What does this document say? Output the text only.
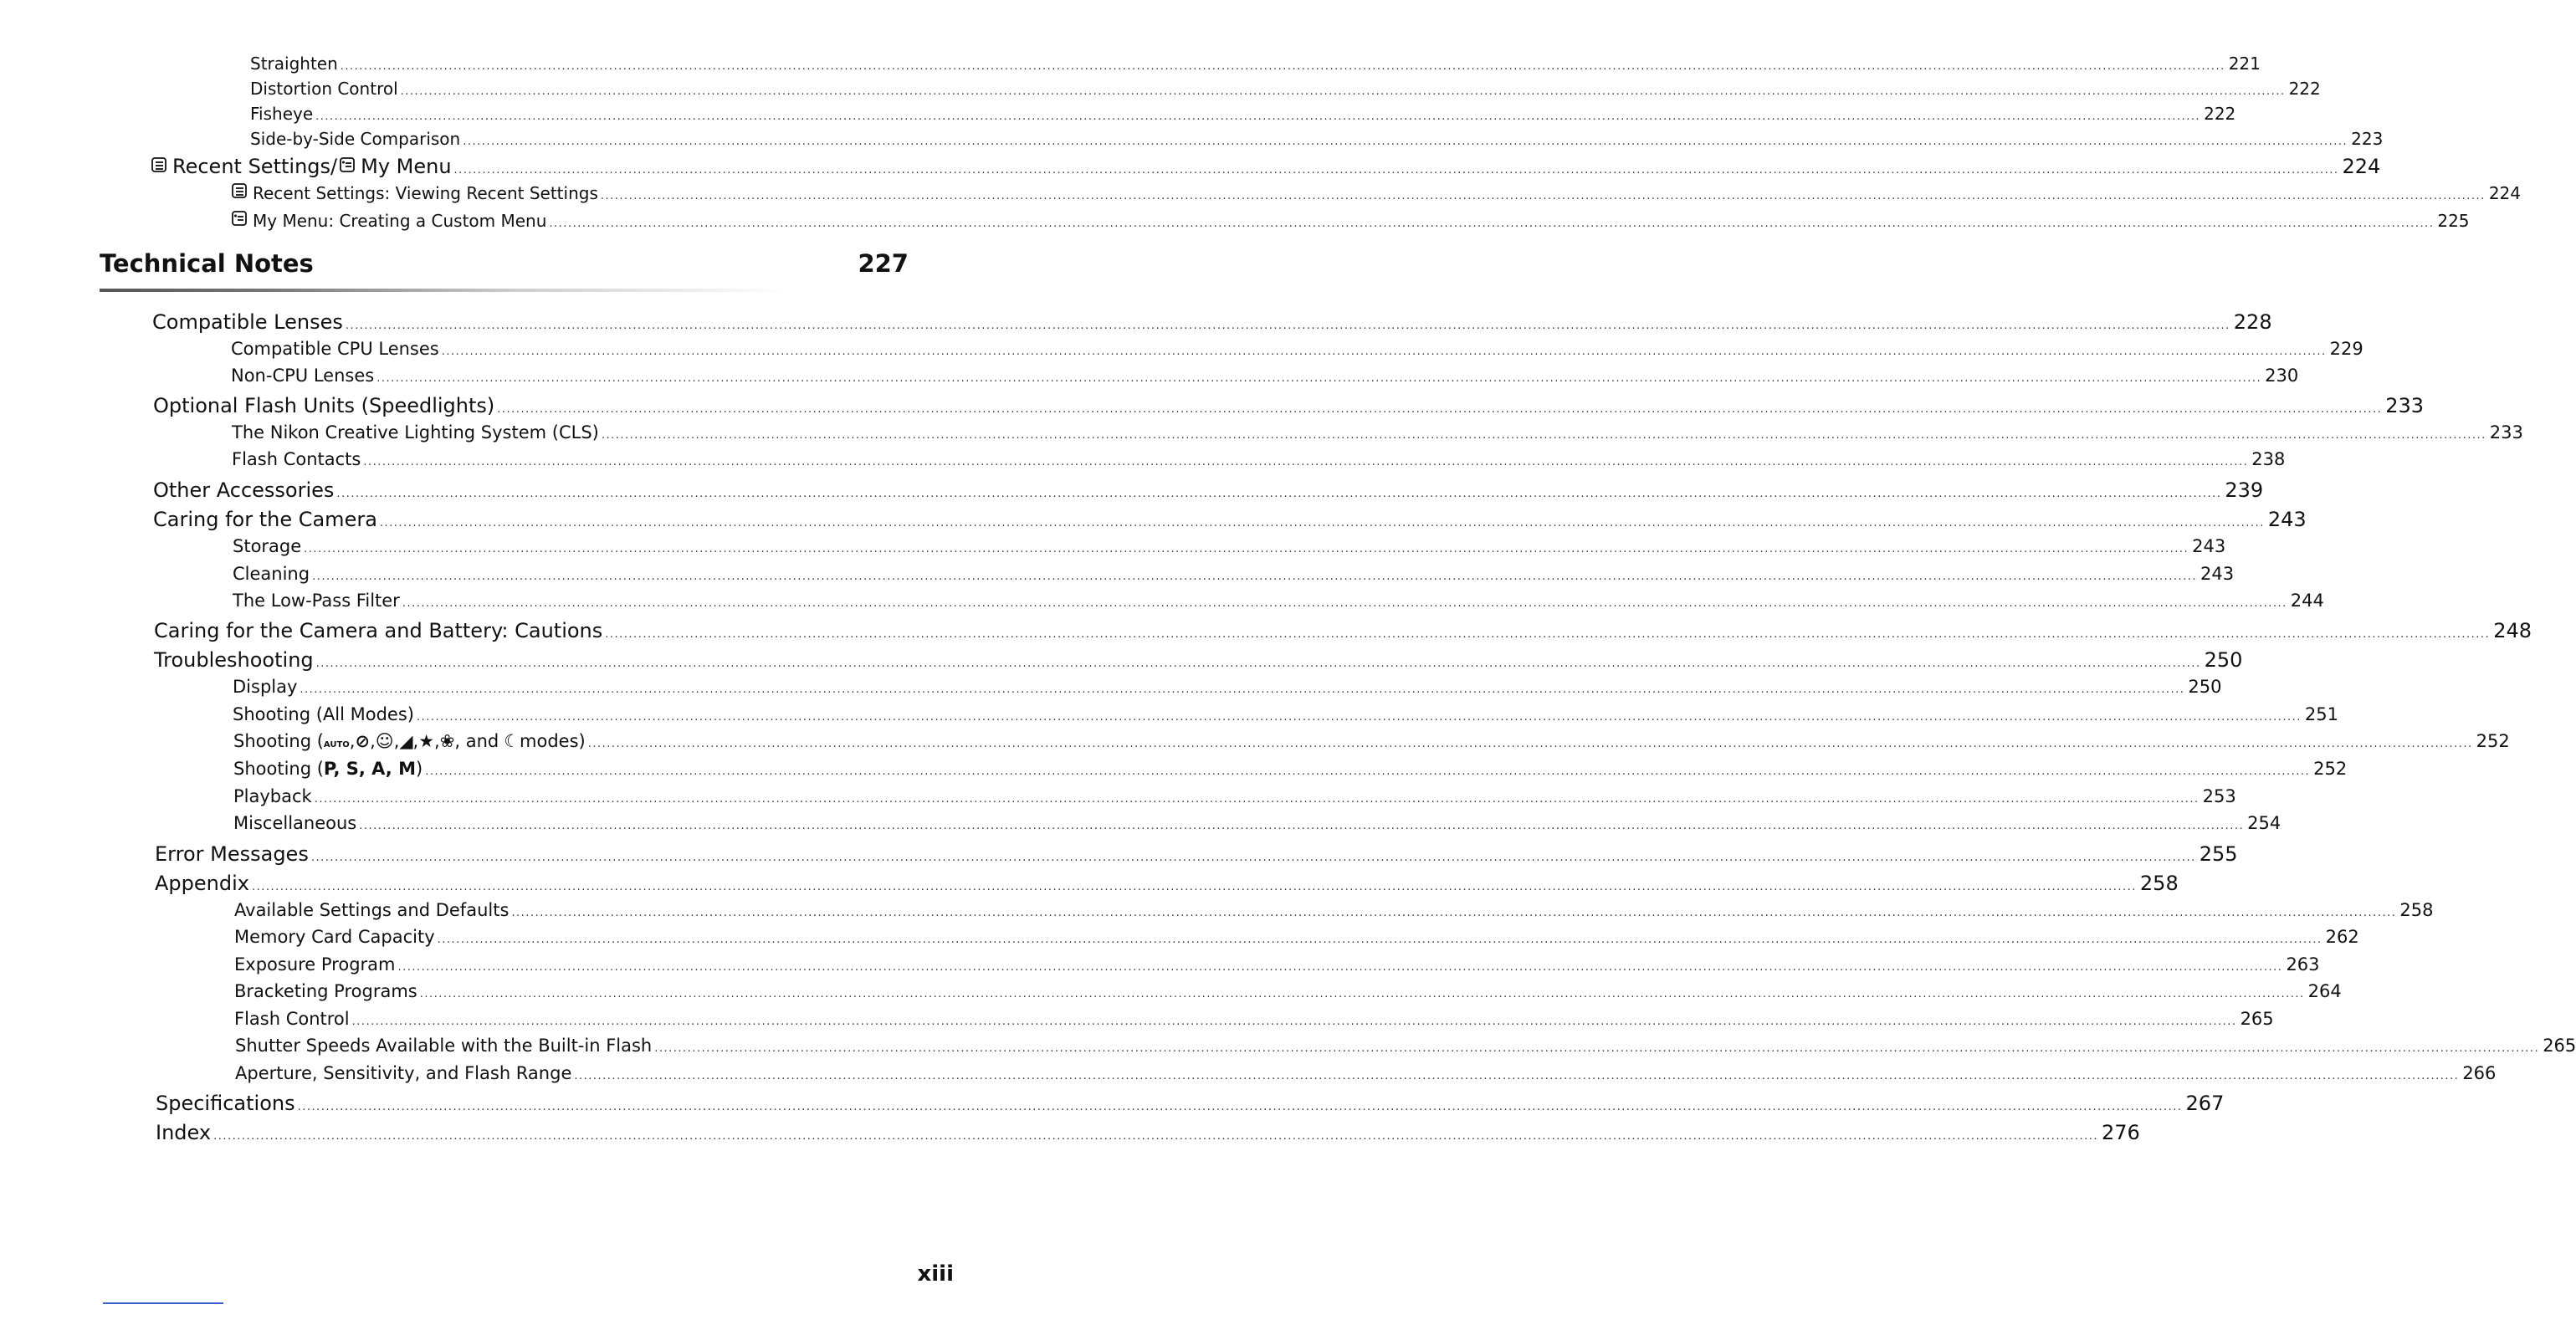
Straighten ................................................................................................................................................................................................................................................................................................................................................................................................................ 221
Distortion Control ................................................................................................................................................................................................................................................................................................................................................................................................................ 222
Fisheye ................................................................................................................................................................................................................................................................................................................................................................................................................ 222
Side-by-Side Comparison ................................................................................................................................................................................................................................................................................................................................................................................................................ 223
Recent Settings/ My Menu ................................................................................................................................................................................................................................................................................................................................................................................................................ 224
Recent Settings: Viewing Recent Settings ................................................................................................................................................................................................................................................................................................................................................................................................................ 224
My Menu: Creating a Custom Menu ................................................................................................................................................................................................................................................................................................................................................................................................................ 225
Compatible Lenses ................................................................................................................................................................................................................................................................................................................................................................................................................ 228
Compatible CPU Lenses ................................................................................................................................................................................................................................................................................................................................................................................................................ 229
Non-CPU Lenses ................................................................................................................................................................................................................................................................................................................................................................................................................ 230
Optional Flash Units (Speedlights) ................................................................................................................................................................................................................................................................................................................................................................................................................ 233
The Nikon Creative Lighting System (CLS) ................................................................................................................................................................................................................................................................................................................................................................................................................ 233
Flash Contacts ................................................................................................................................................................................................................................................................................................................................................................................................................ 238
Other Accessories ................................................................................................................................................................................................................................................................................................................................................................................................................ 239
Caring for the Camera ................................................................................................................................................................................................................................................................................................................................................................................................................ 243
Storage ................................................................................................................................................................................................................................................................................................................................................................................................................ 243
Cleaning ................................................................................................................................................................................................................................................................................................................................................................................................................ 243
The Low-Pass Filter ................................................................................................................................................................................................................................................................................................................................................................................................................ 244
Caring for the Camera and Battery: Cautions ................................................................................................................................................................................................................................................................................................................................................................................................................ 248
Troubleshooting ................................................................................................................................................................................................................................................................................................................................................................................................................ 250
Display ................................................................................................................................................................................................................................................................................................................................................................................................................ 250
Shooting (All Modes) ................................................................................................................................................................................................................................................................................................................................................................................................................ 251
Shooting ( AUTO , ⊘ , ☺ , ◢ , ★ , ❀ , and ☾ modes) ................................................................................................................................................................................................................................................................................................................................................................................................................ 252
Shooting ( P, S, A, M ) ................................................................................................................................................................................................................................................................................................................................................................................................................ 252
Playback ................................................................................................................................................................................................................................................................................................................................................................................................................ 253
Miscellaneous ................................................................................................................................................................................................................................................................................................................................................................................................................ 254
Error Messages ................................................................................................................................................................................................................................................................................................................................................................................................................ 255
Appendix ................................................................................................................................................................................................................................................................................................................................................................................................................ 258
Available Settings and Defaults ................................................................................................................................................................................................................................................................................................................................................................................................................ 258
Memory Card Capacity ................................................................................................................................................................................................................................................................................................................................................................................................................ 262
Exposure Program ................................................................................................................................................................................................................................................................................................................................................................................................................ 263
Bracketing Programs ................................................................................................................................................................................................................................................................................................................................................................................................................ 264
Flash Control ................................................................................................................................................................................................................................................................................................................................................................................................................ 265
Shutter Speeds Available with the Built-in Flash ................................................................................................................................................................................................................................................................................................................................................................................................................ 265
Aperture, Sensitivity, and Flash Range ................................................................................................................................................................................................................................................................................................................................................................................................................ 266
Specifications ................................................................................................................................................................................................................................................................................................................................................................................................................ 267
Index ................................................................................................................................................................................................................................................................................................................................................................................................................ 276
Technical Notes	227
xiii
